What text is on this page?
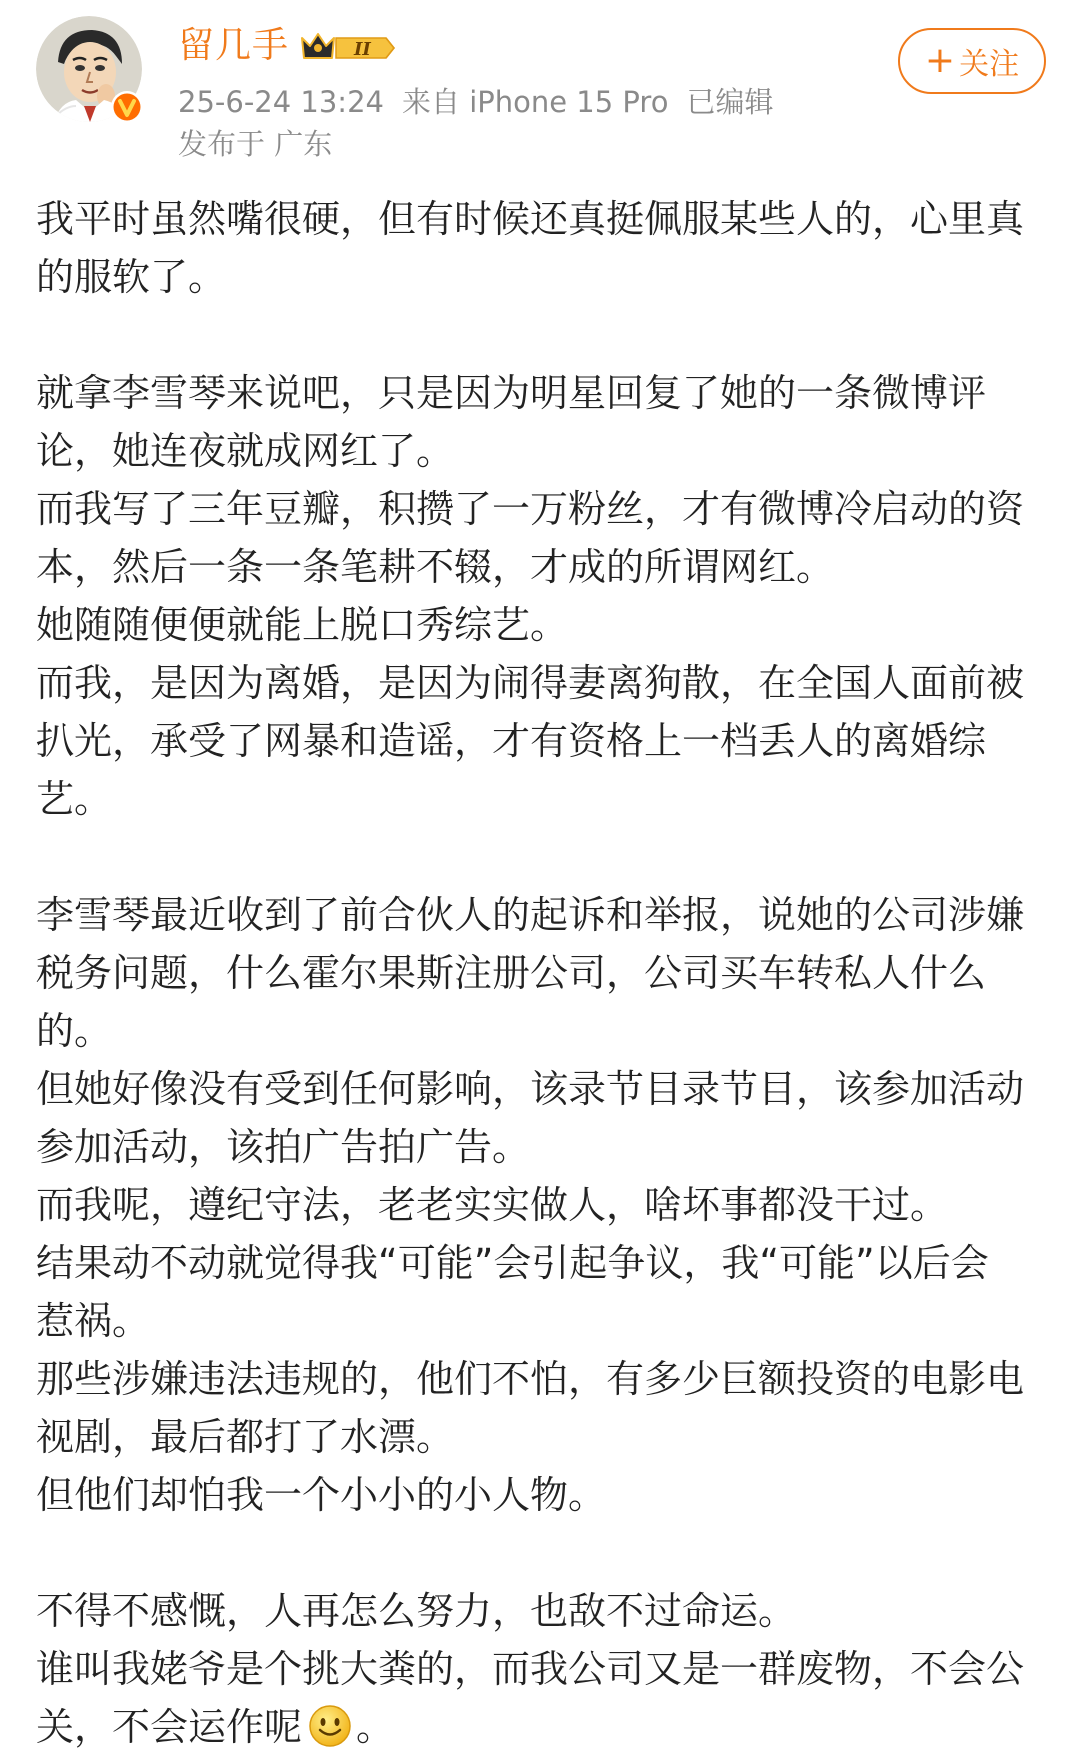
留几手	II
25-6-24 13:24 来自 iPhone 15 Pro 已编辑
发布于 广东
+ 关注

我平时虽然嘴很硬，但有时候还真挺佩服某些人的，心里真的服软了。

就拿李雪琴来说吧，只是因为明星回复了她的一条微博评论，她连夜就成网红了。

而我写了三年豆瓣，积攒了一万粉丝，才有微博冷启动的资本，然后一条一条笔耕不辍，才成的所谓网红。

她随随便便就能上脱口秀综艺。

而我，是因为离婚，是因为闹得妻离狗散，在全国人面前被扒光，承受了网暴和造谣，才有资格上一档丢人的离婚综艺。

李雪琴最近收到了前合伙人的起诉和举报，说她的公司涉嫌税务问题，什么霍尔果斯注册公司，公司买车转私人什么的。

但她好像没有受到任何影响，该录节目录节目，该参加活动参加活动，该拍广告拍广告。

而我呢，遵纪守法，老老实实做人，啥坏事都没干过。

结果动不动就觉得我“可能”会引起争议，我“可能”以后会惹祸。

那些涉嫌违法违规的，他们不怕，有多少巨额投资的电影电视剧，最后都打了水漂。

但他们却怕我一个小小的小人物。

不得不感慨，人再怎么努力，也敌不过命运。

谁叫我姥爷是个挑大粪的，而我公司又是一群废物，不会公关，不会运作呢 。
